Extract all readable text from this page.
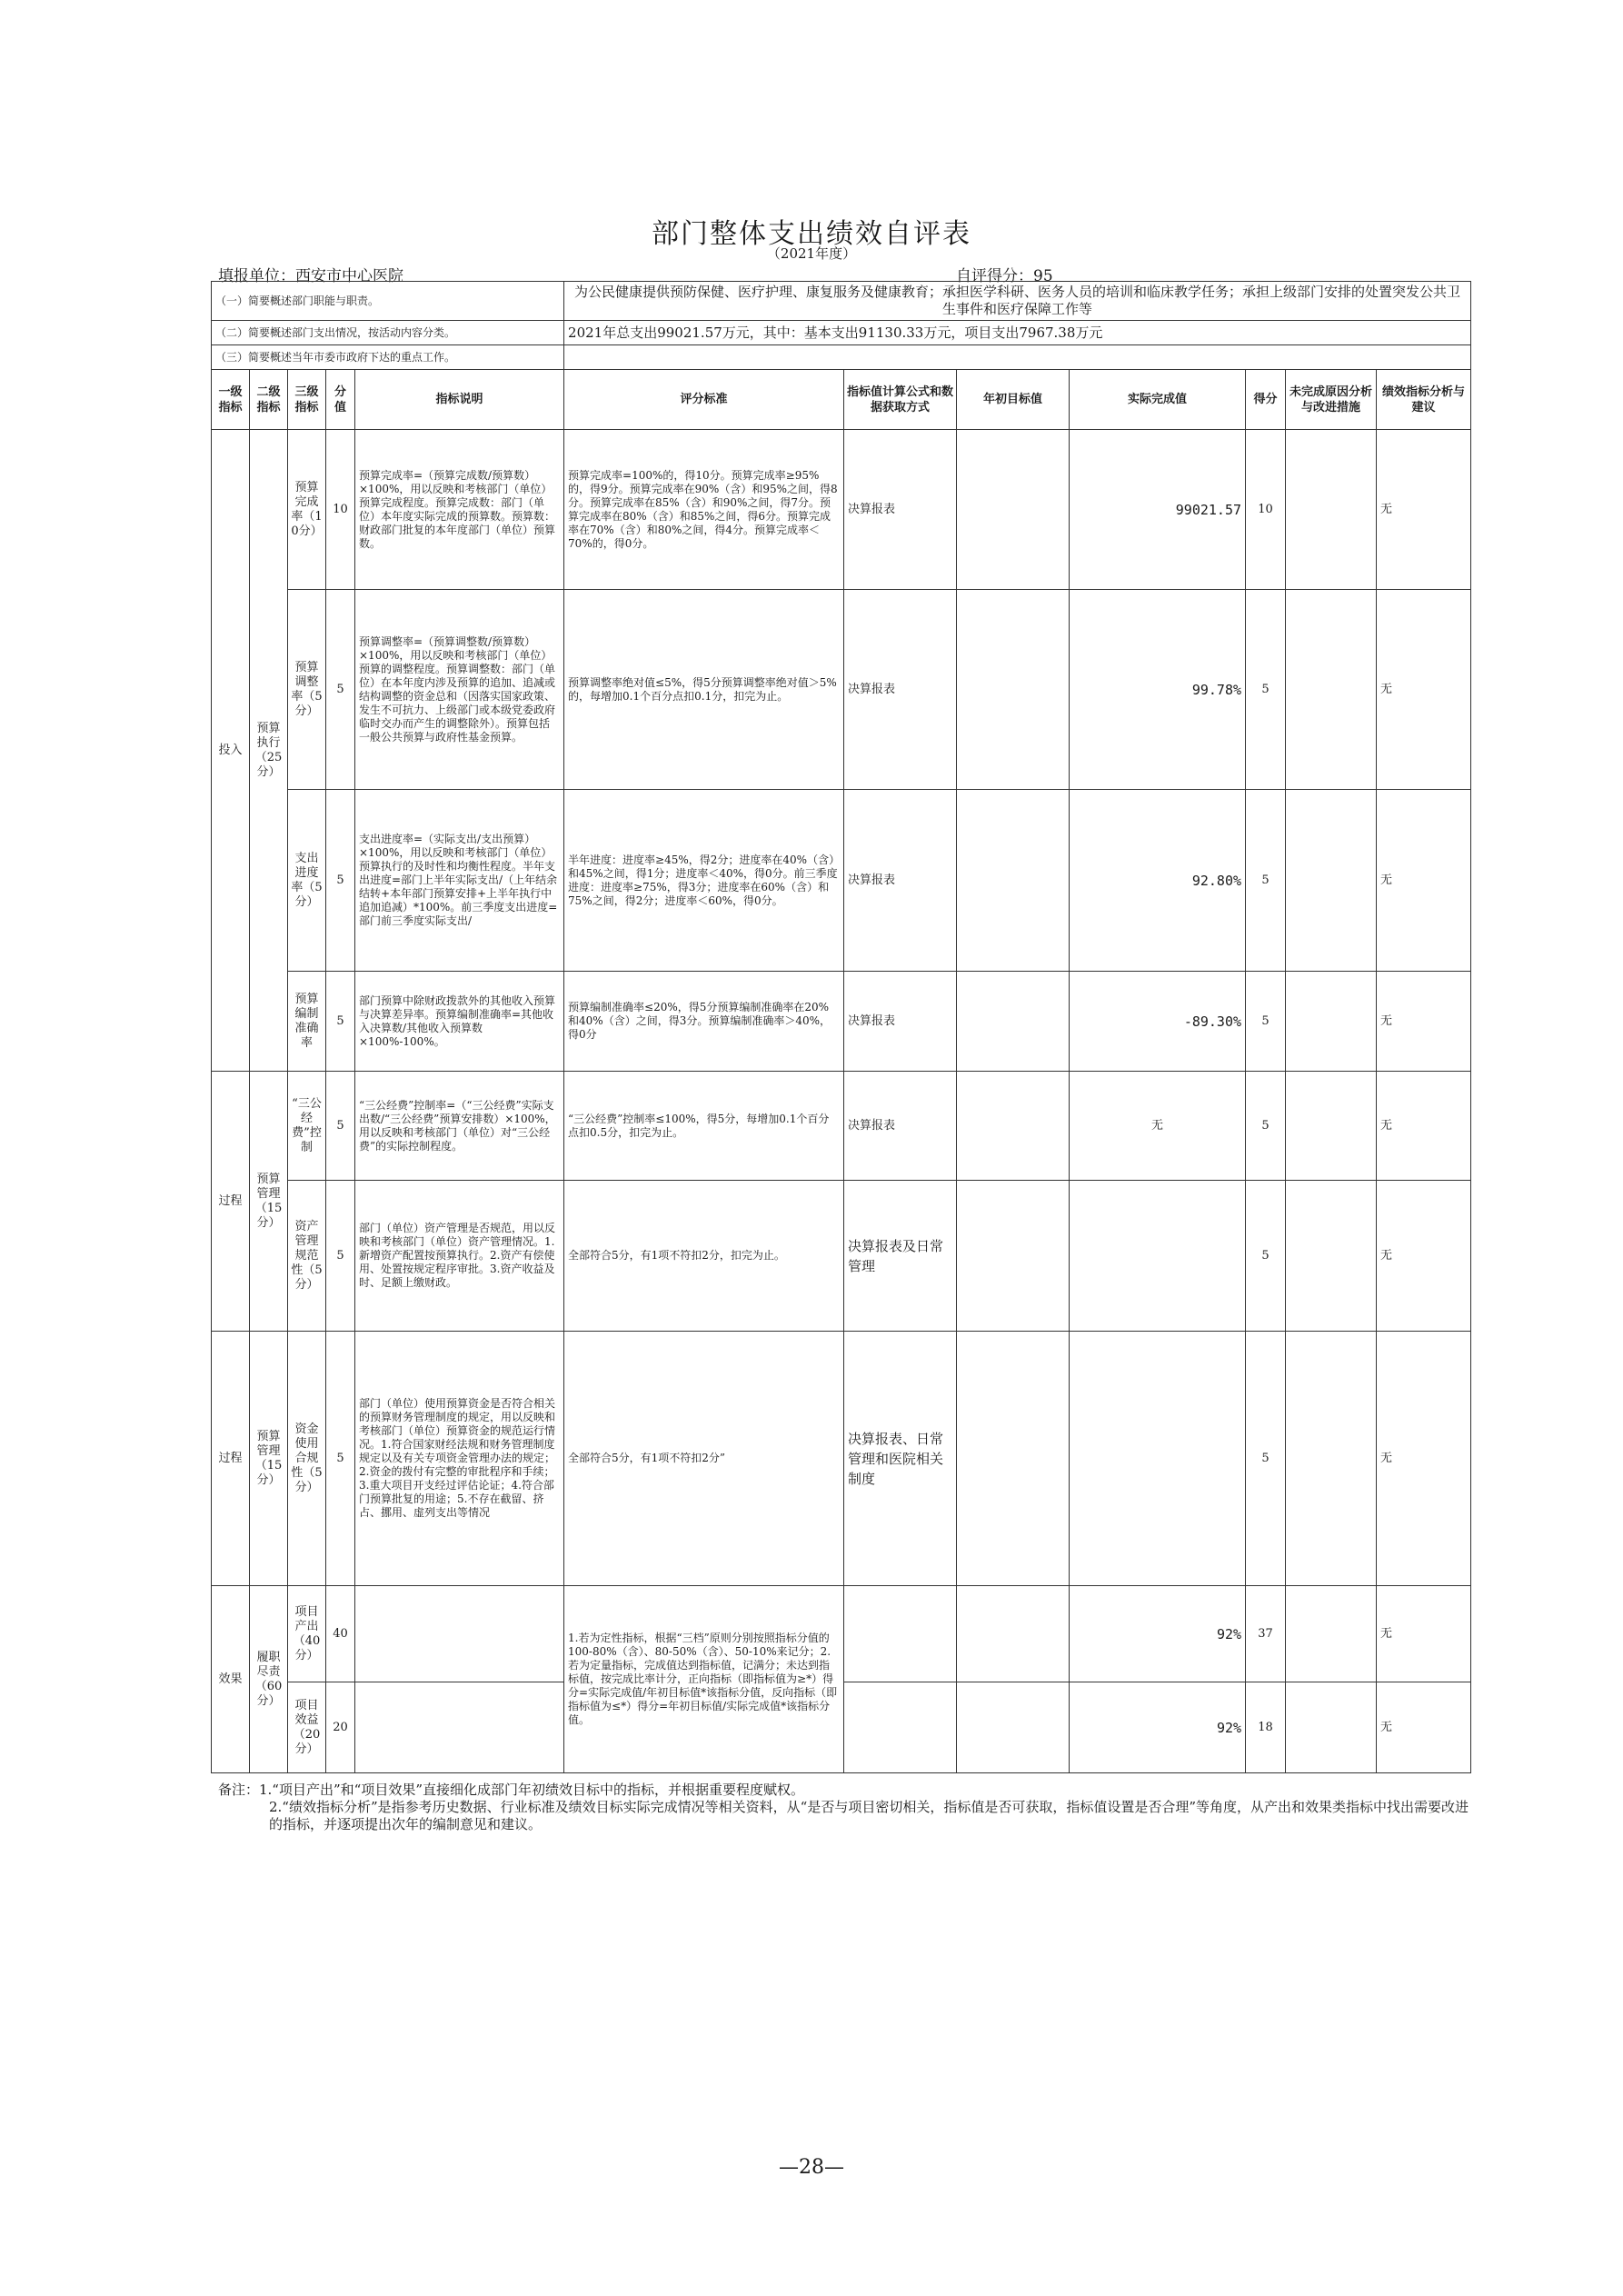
部门整体支出绩效自评表
（2021年度）
填报单位：西安市中心医院	自评得分：95
（一）简要概述部门职能与职责。					为公民健康提供预防保健、医疗护理、康复服务及健康教育；承担医学科研、医务人员的培训和临床教学任务；承担上级部门安排的处置突发公共卫生事件和医疗保障工作等						
（二）简要概述部门支出情况，按活动内容分类。					2021年总支出99021.57万元，其中：基本支出91130.33万元，项目支出7967.38万元						
（三）简要概述当年市委市政府下达的重点工作。											
一级指标	二级指标	三级指标	分值	指标说明	评分标准	指标值计算公式和数据获取方式	年初目标值	实际完成值	得分	未完成原因分析与改进措施	绩效指标分析与建议
投入	预算执行（25分）	预算完成率（10分）	10	预算完成率=（预算完成数/预算数）×100%，用以反映和考核部门（单位）预算完成程度。预算完成数：部门（单位）本年度实际完成的预算数。预算数：财政部门批复的本年度部门（单位）预算数。	预算完成率=100%的，得10分。预算完成率≥95%的，得9分。预算完成率在90%（含）和95%之间，得8分。预算完成率在85%（含）和90%之间，得7分。预算完成率在80%（含）和85%之间，得6分。预算完成率在70%（含）和80%之间，得4分。预算完成率＜70%的，得0分。	决算报表		99021.57	10		无
		预算调整率（5分）	5	预算调整率=（预算调整数/预算数）×100%，用以反映和考核部门（单位）预算的调整程度。预算调整数：部门（单位）在本年度内涉及预算的追加、追减或结构调整的资金总和（因落实国家政策、发生不可抗力、上级部门或本级党委政府临时交办而产生的调整除外）。预算包括一般公共预算与政府性基金预算。	预算调整率绝对值≤5%，得5分预算调整率绝对值＞5%的，每增加0.1个百分点扣0.1分，扣完为止。	决算报表		99.78%	5		无
		支出进度率（5分）	5	支出进度率=（实际支出/支出预算）×100%，用以反映和考核部门（单位）预算执行的及时性和均衡性程度。半年支出进度=部门上半年实际支出/（上年结余结转+本年部门预算安排+上半年执行中追加追减）*100%。前三季度支出进度=部门前三季度实际支出/	半年进度：进度率≥45%，得2分；进度率在40%（含）和45%之间，得1分；进度率＜40%，得0分。前三季度进度：进度率≥75%，得3分；进度率在60%（含）和75%之间，得2分；进度率＜60%，得0分。	决算报表		92.80%	5		无
		预算编制准确率	5	部门预算中除财政拨款外的其他收入预算与决算差异率。预算编制准确率=其他收入决算数/其他收入预算数×100%-100%。	预算编制准确率≤20%，得5分预算编制准确率在20%和40%（含）之间，得3分。预算编制准确率＞40%，得0分	决算报表		-89.30%	5		无
过程	预算管理（15分）	“三公经费”控制	5	“三公经费”控制率=（“三公经费”实际支出数/“三公经费”预算安排数）×100%，用以反映和考核部门（单位）对“三公经费”的实际控制程度。	“三公经费”控制率≤100%，得5分，每增加0.1个百分点扣0.5分，扣完为止。	决算报表		无	5		无
		资产管理规范性（5分）	5	部门（单位）资产管理是否规范，用以反映和考核部门（单位）资产管理情况。1.新增资产配置按预算执行。2.资产有偿使用、处置按规定程序审批。3.资产收益及时、足额上缴财政。	全部符合5分，有1项不符扣2分，扣完为止。	决算报表及日常管理			5		无
过程	预算管理（15分）	资金使用合规性（5分）	5	部门（单位）使用预算资金是否符合相关的预算财务管理制度的规定，用以反映和考核部门（单位）预算资金的规范运行情况。1.符合国家财经法规和财务管理制度规定以及有关专项资金管理办法的规定；2.资金的拨付有完整的审批程序和手续；3.重大项目开支经过评估论证；4.符合部门预算批复的用途；5.不存在截留、挤占、挪用、虚列支出等情况	全部符合5分，有1项不符扣2分”	决算报表、日常管理和医院相关制度			5		无
效果	履职尽责（60分）	项目产出（40分）	40		1.若为定性指标，根据“三档”原则分别按照指标分值的100-80%（含）、80-50%（含）、50-10%来记分；2.若为定量指标，完成值达到指标值，记满分；未达到指标值，按完成比率计分，正向指标（即指标值为≥*）得分=实际完成值/年初目标值*该指标分值，反向指标（即指标值为≤*）得分=年初目标值/实际完成值*该指标分值。			92%	37		无
		项目效益（20分）	20					92%	18		无
备注：1.“项目产出”和“项目效果”直接细化成部门年初绩效目标中的指标，并根据重要程度赋权。
2.“绩效指标分析”是指参考历史数据、行业标准及绩效目标实际完成情况等相关资料，从“是否与项目密切相关，指标值是否可获取，指标值设置是否合理”等角度，从产出和效果类指标中找出需要改进的指标，并逐项提出次年的编制意见和建议。
—28—
